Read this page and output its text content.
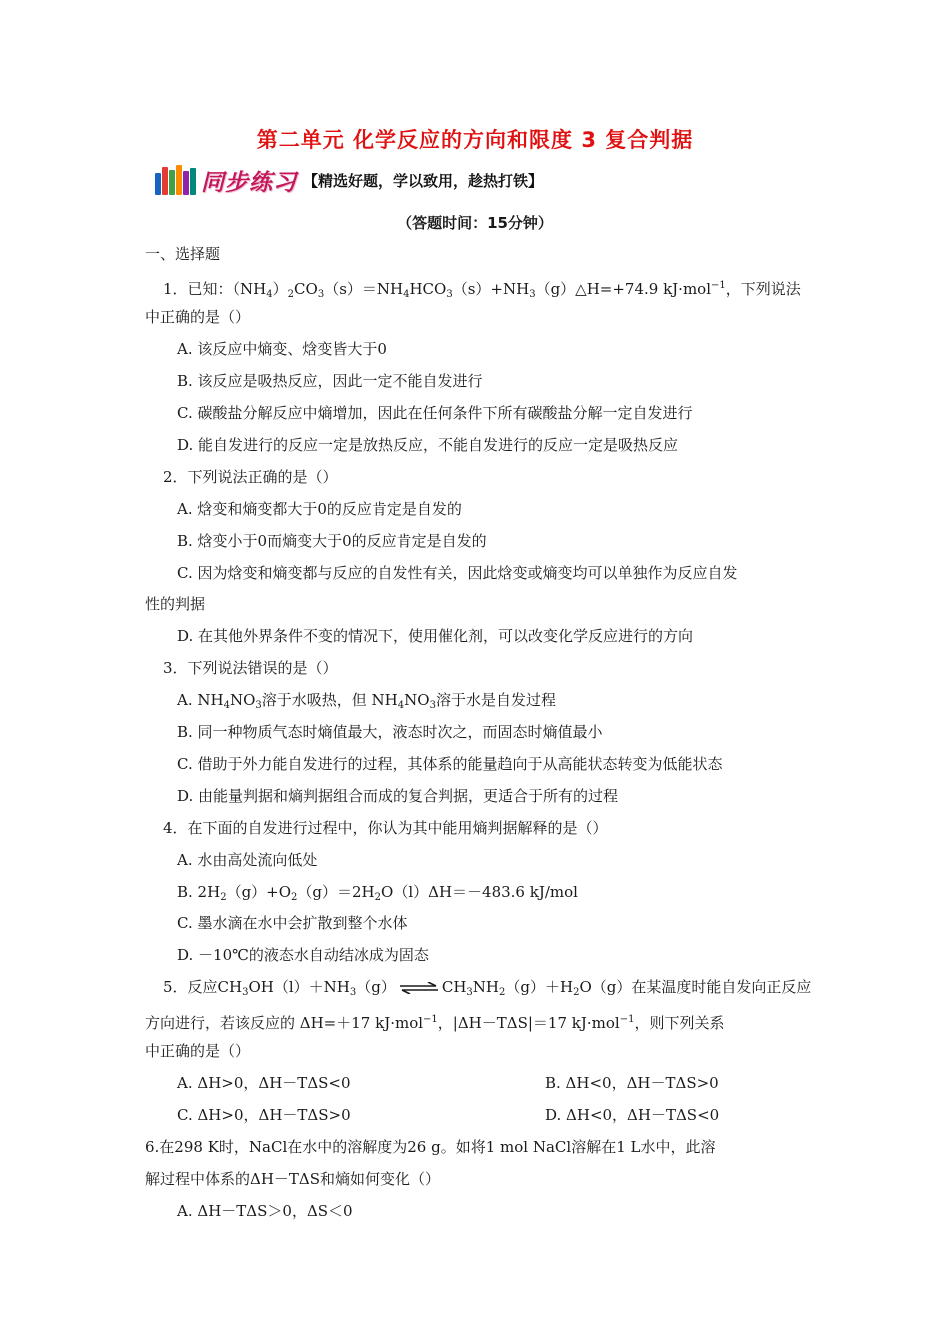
第二单元 化学反应的方向和限度 3 复合判据
同步练习 【精选好题，学以致用，趁热打铁】
（答题时间：15分钟）
一、选择题
1．已知：$(NH_4)_2CO_3(s)=NH_4HCO_3(s)+NH_3(g)\triangle H=+74.9$ kJ·mol$^{-1}$，下列说法
中正确的是（）
A. 该反应中熵变、焓变皆大于0
B. 该反应是吸热反应，因此一定不能自发进行
C. 碳酸盐分解反应中熵增加，因此在任何条件下所有碳酸盐分解一定自发进行
D. 能自发进行的反应一定是放热反应，不能自发进行的反应一定是吸热反应
2．下列说法正确的是（）
A. 焓变和熵变都大于0的反应肯定是自发的
B. 焓变小于0而熵变大于0的反应肯定是自发的
C. 因为焓变和熵变都与反应的自发性有关，因此焓变或熵变均可以单独作为反应自发
性的判据
D. 在其他外界条件不变的情况下，使用催化剂，可以改变化学反应进行的方向
3．下列说法错误的是（）
A. $NH_4NO_3$溶于水吸热，但 $NH_4NO_3$溶于水是自发过程
B. 同一种物质气态时熵值最大，液态时次之，而固态时熵值最小
C. 借助于外力能自发进行的过程，其体系的能量趋向于从高能状态转变为低能状态
D. 由能量判据和熵判据组合而成的复合判据，更适合于所有的过程
4．在下面的自发进行过程中，你认为其中能用熵判据解释的是（）
A. 水由高处流向低处
B. $2H_2(g)+O_2(g)=2H_2O(l)\Delta H=-483.6$ kJ/mol
C. 墨水滴在水中会扩散到整个水体
D. －10℃的液态水自动结冰成为固态
5．反应$CH_3OH(l)+NH_3(g)$ ⇌ $CH_3NH_2(g)+H_2O(g)$在某温度时能自发向正反应
方向进行，若该反应的 ΔH=＋17 kJ·mol$^{-1}$，|ΔH－TΔS|＝17 kJ·mol$^{-1}$，则下列关系
中正确的是（）
A. ΔH>0，ΔH－TΔS<0	B. ΔH<0，ΔH－TΔS>0
C. ΔH>0，ΔH－TΔS>0	D. ΔH<0，ΔH－TΔS<0
6.在298 K时，NaCl在水中的溶解度为26 g。如将1 mol NaCl溶解在1 L水中，此溶
解过程中体系的ΔH－TΔS和熵如何变化（）
A. ΔH－TΔS＞0，ΔS＜0
